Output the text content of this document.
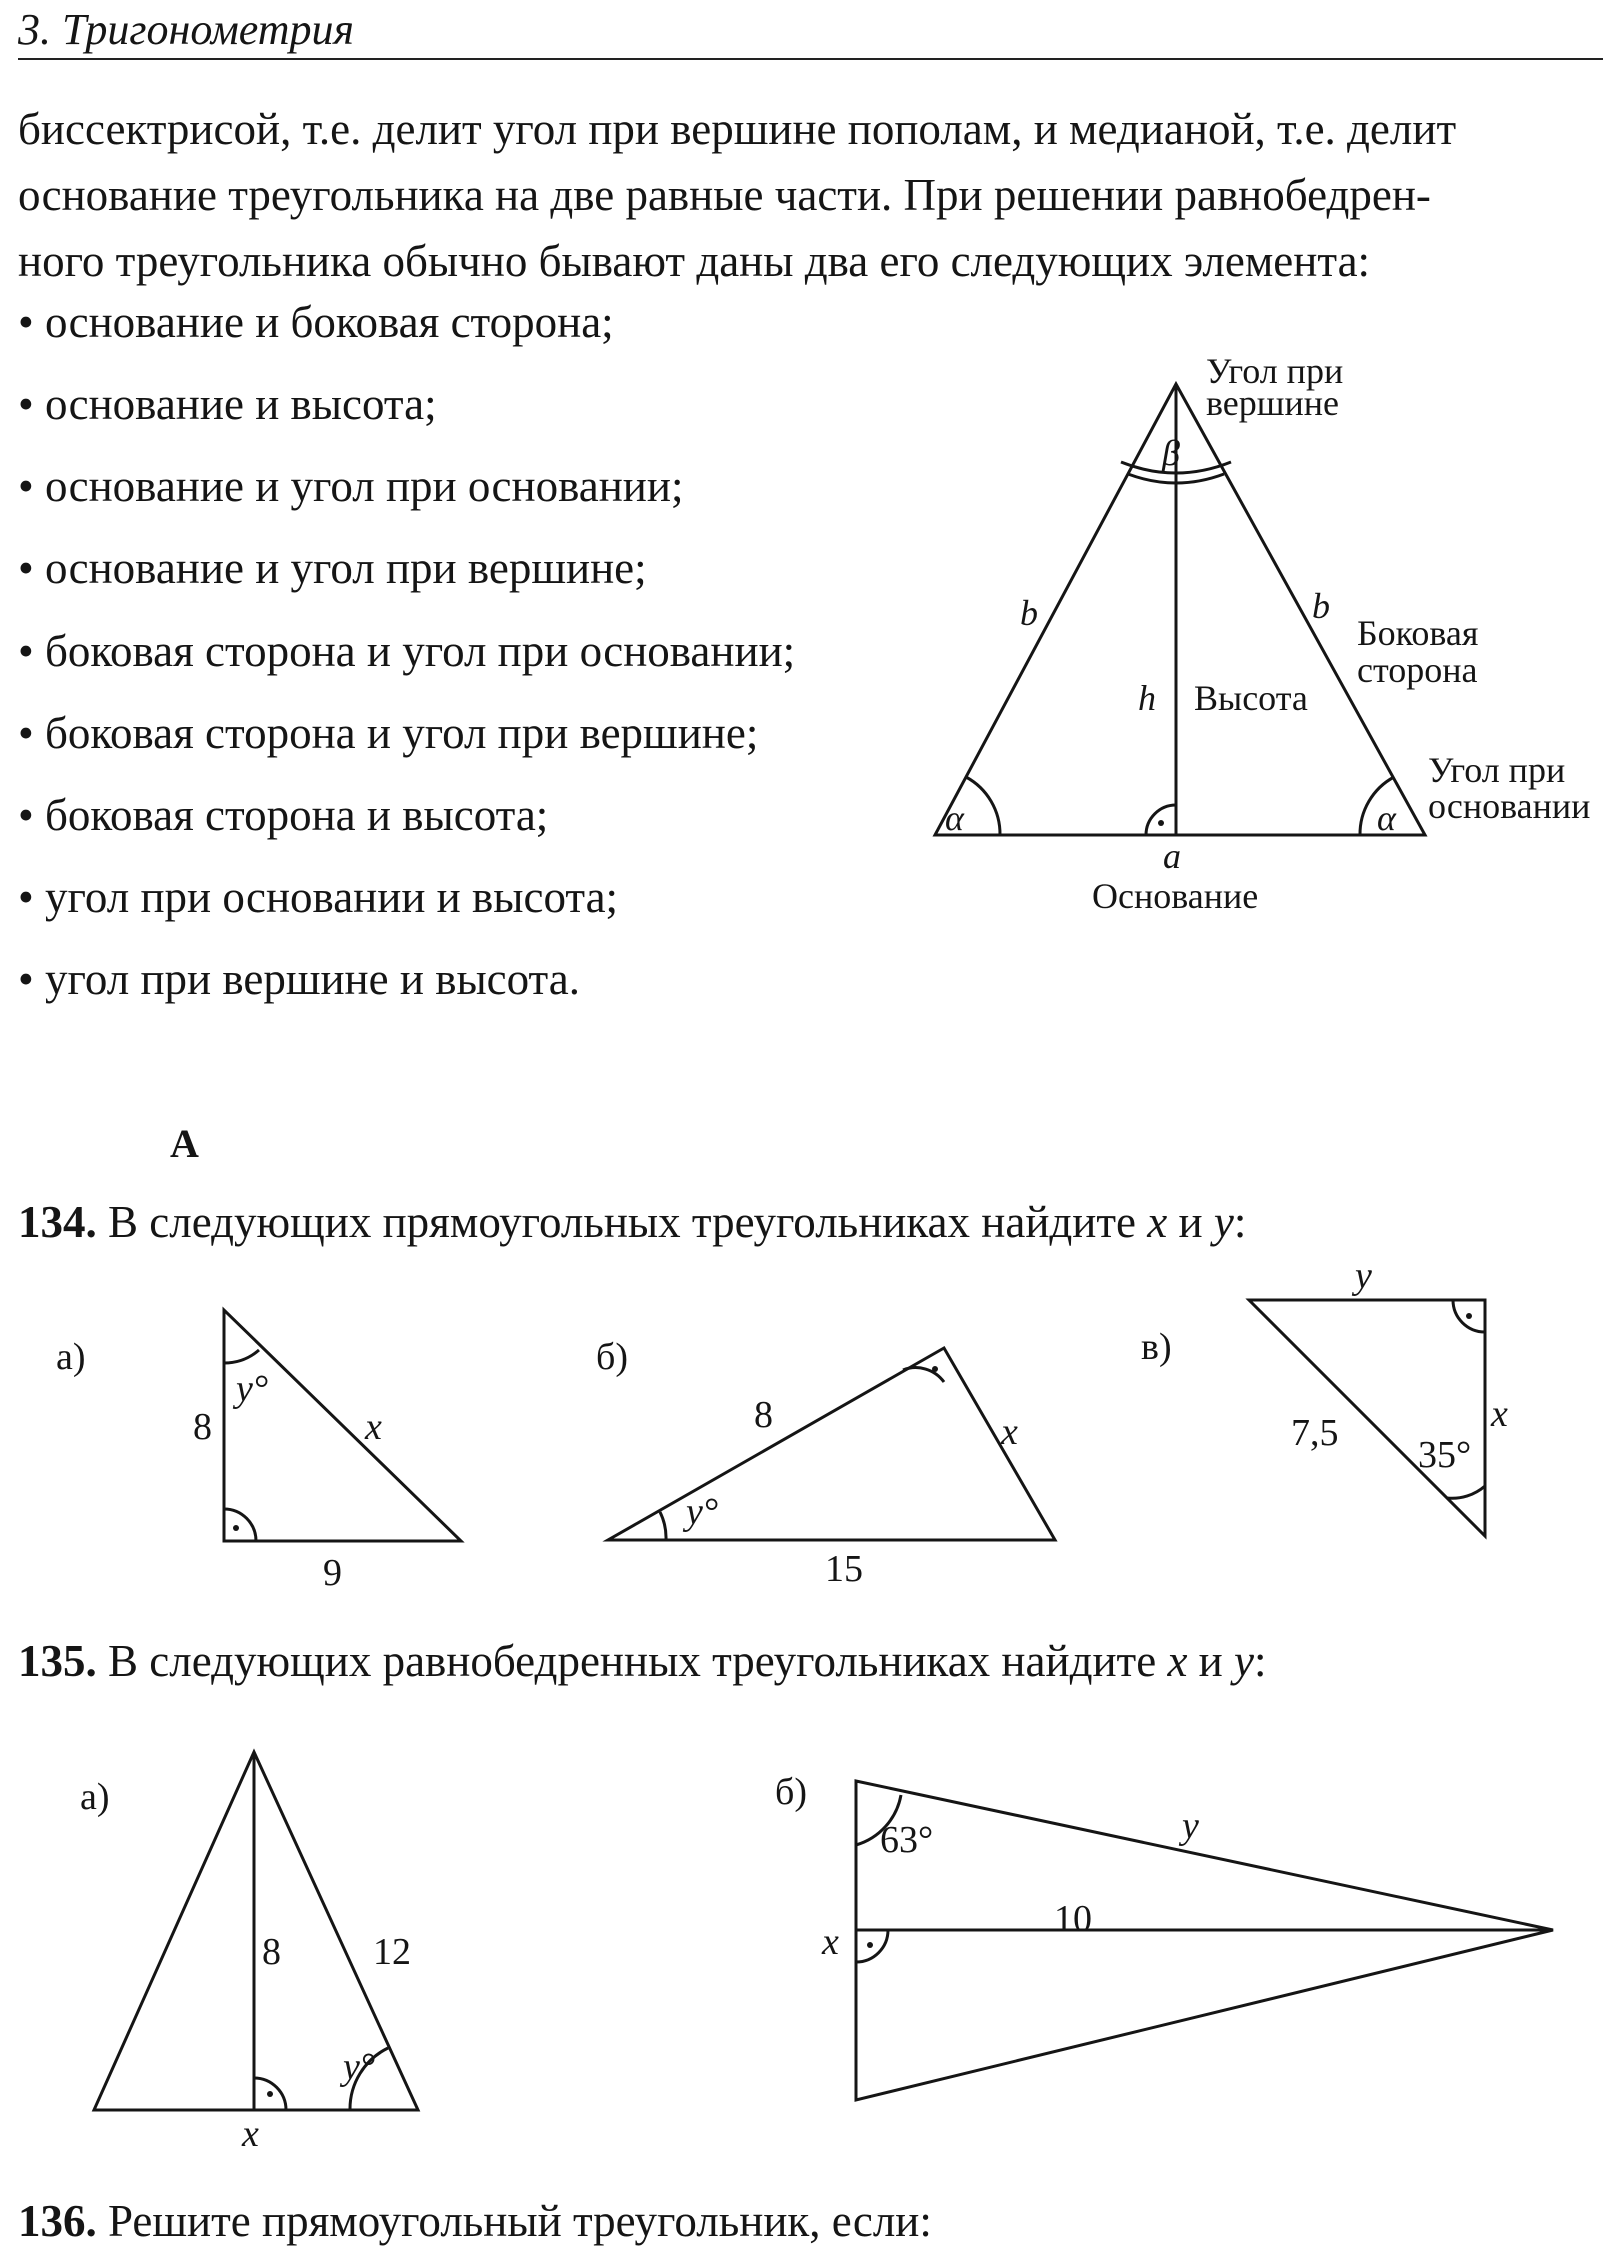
3. Тригонометрия
биссектрисой, т.е. делит угол при вершине пополам, и медианой, т.е. делит
основание треугольника на две равные части. При решении равнобедрен-
ного треугольника обычно бывают даны два его следующих элемента:
• основание и боковая сторона;
• основание и высота;
• основание и угол при основании;
• основание и угол при вершине;
• боковая сторона и угол при основании;
• боковая сторона и угол при вершине;
• боковая сторона и высота;
• угол при основании и высота;
• угол при вершине и высота.
Угол при
вершине
β
b	b
Боковая
сторона
h Высота
Угол при
основании
α	α
a
Основание
А
134. В следующих прямоугольных треугольниках найдите x и y:
а)
8
y°
x
9
б)
8
y°
x
15
в)
y
7,5
35°
x
135. В следующих равнобедренных треугольниках найдите x и y:
а)
8 12
y°
x
б)
63°	y
10
x
136. Решите прямоугольный треугольник, если:
